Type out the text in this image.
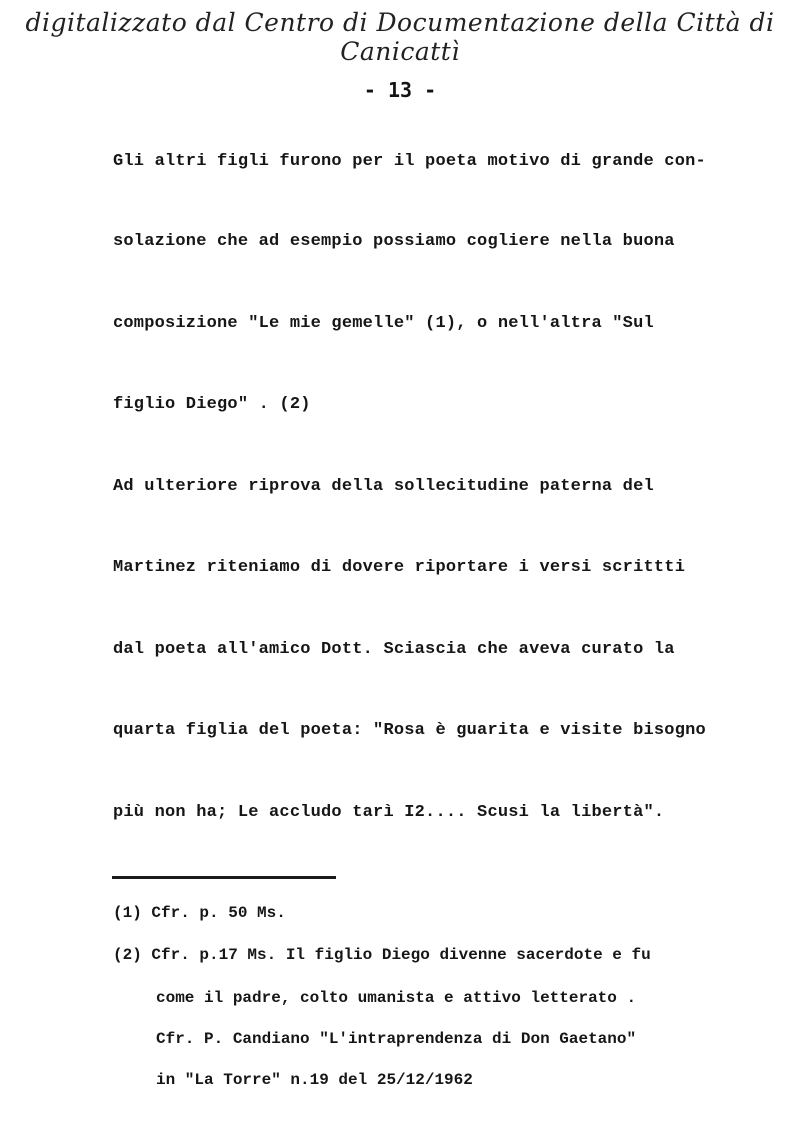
digitalizzato dal Centro di Documentazione della Città di Canicattì
- 13 -
Gli altri figli furono per il poeta motivo di grande con-
solazione che ad esempio possiamo cogliere nella buona
composizione "Le mie gemelle" (1), o nell'altra "Sul
figlio Diego" . (2)
Ad ulteriore riprova della sollecitudine paterna del
Martinez riteniamo di dovere riportare i versi scrittti
dal poeta all'amico Dott. Sciascia che aveva curato la
quarta figlia del poeta: "Rosa è guarita e visite bisogno
più non ha; Le accludo tarì I2.... Scusi la libertà".
(1) Cfr. p. 50 Ms.
(2) Cfr. p.17 Ms. Il figlio Diego divenne sacerdote e fu
come il padre, colto umanista e attivo letterato .
Cfr. P. Candiano "L'intraprendenza di Don Gaetano"
in "La Torre" n.19 del 25/12/1962
